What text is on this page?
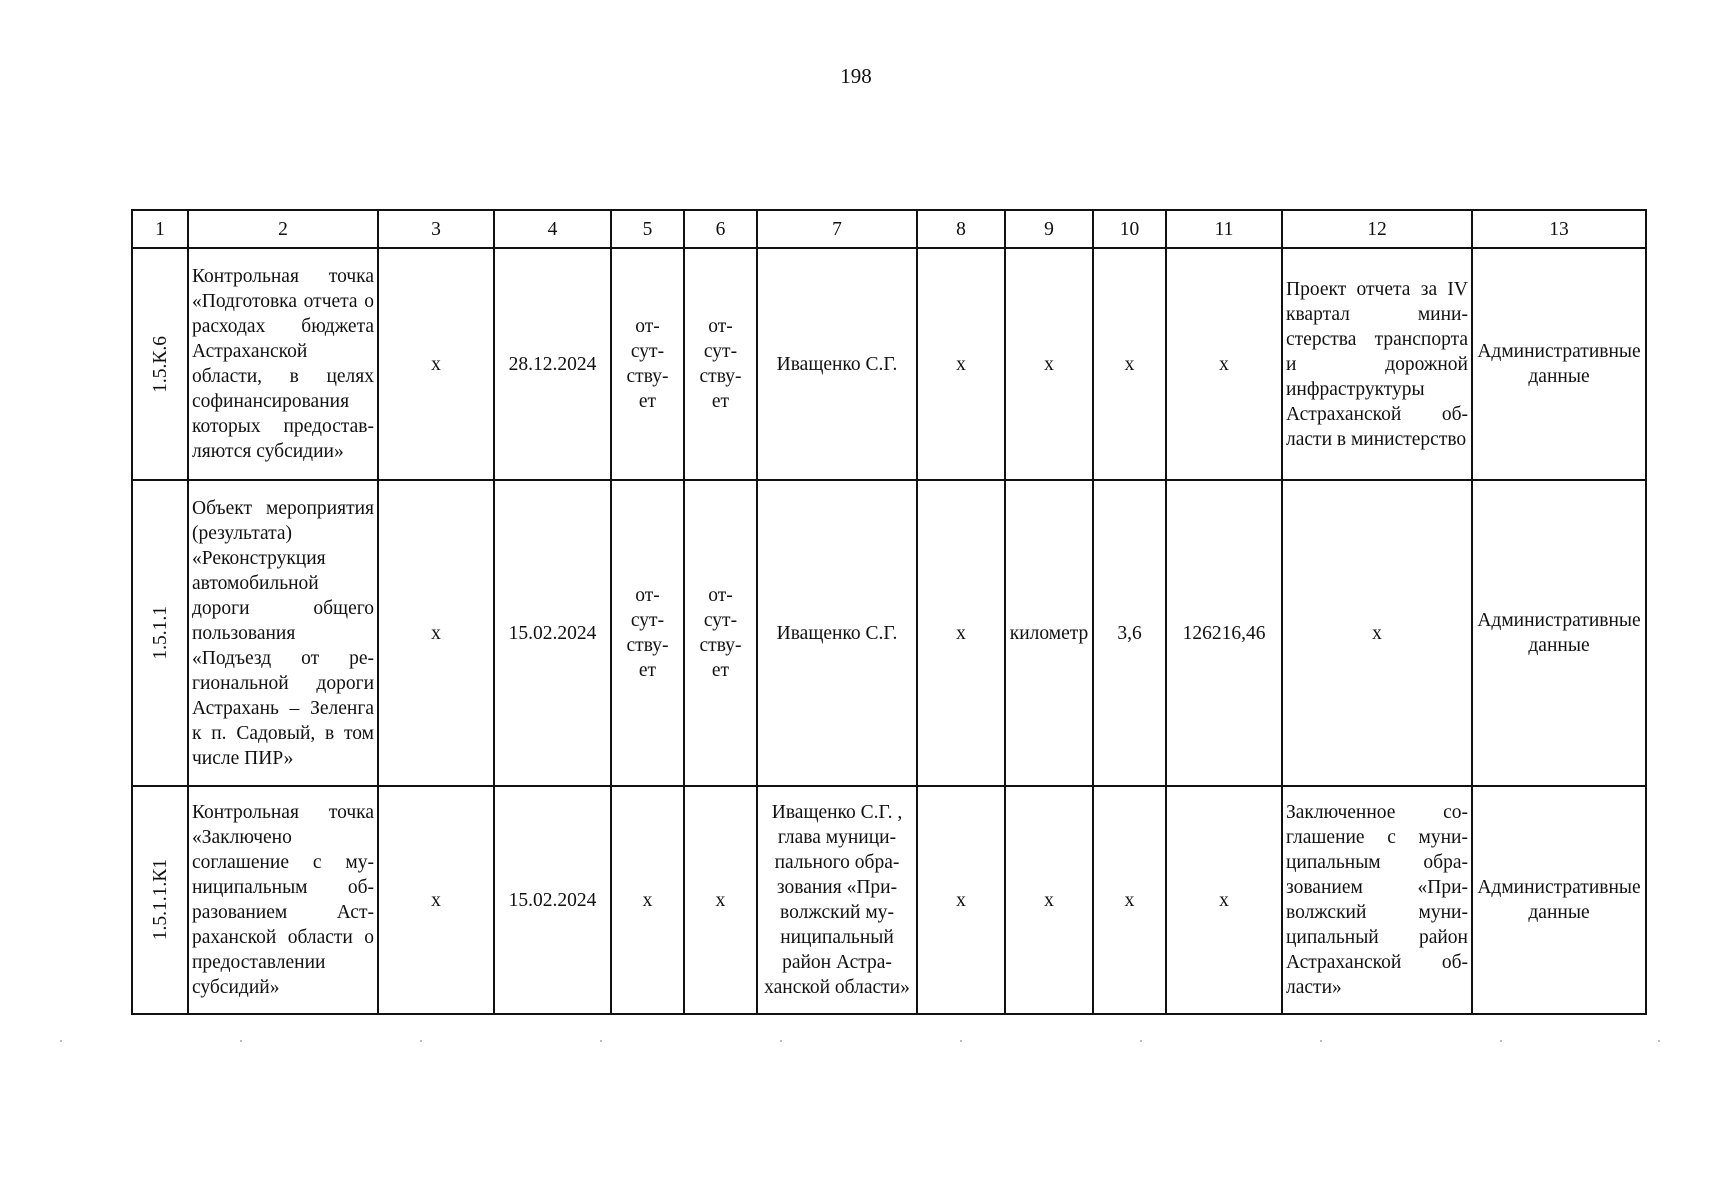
198
1	2	3	4	5	6	7	8	9	10	11	12	13

1.5.К.6	Контрольная точка «Подготовка отчета о расходах бюджета Астраханской области, в целях софинансирования которых предоставляются субсидии»	х	28.12.2024	от-
сут-
ству-
ет	от-
сут-
ству-
ет	Иващенко С.Г.	х	х	х	х	Проект отчета за IV квартал министерства транспорта и дорожной инфраструктуры Астраханской области в министерство	Административные данные

1.5.1.1	Объект мероприятия (результата) «Реконструкция автомобильной дороги общего пользования «Подъезд от региональной дороги Астрахань – Зеленга к п. Садовый, в том числе ПИР»	х	15.02.2024	от-
сут-
ству-
ет	от-
сут-
ству-
ет	Иващенко С.Г.	х	километр	3,6	126216,46	х	Административные данные

1.5.1.1.К1	Контрольная точка «Заключено соглашение с муниципальным образованием Астраханской области о предоставлении субсидий»	х	15.02.2024	х	х	Иващенко С.Г. , глава муниципального образования «Приволжский муниципальный район Астраханской области»	х	х	х	х	Заключенное соглашение с муниципальным образованием «Приволжский муниципальный район Астраханской области»	Административные данные
